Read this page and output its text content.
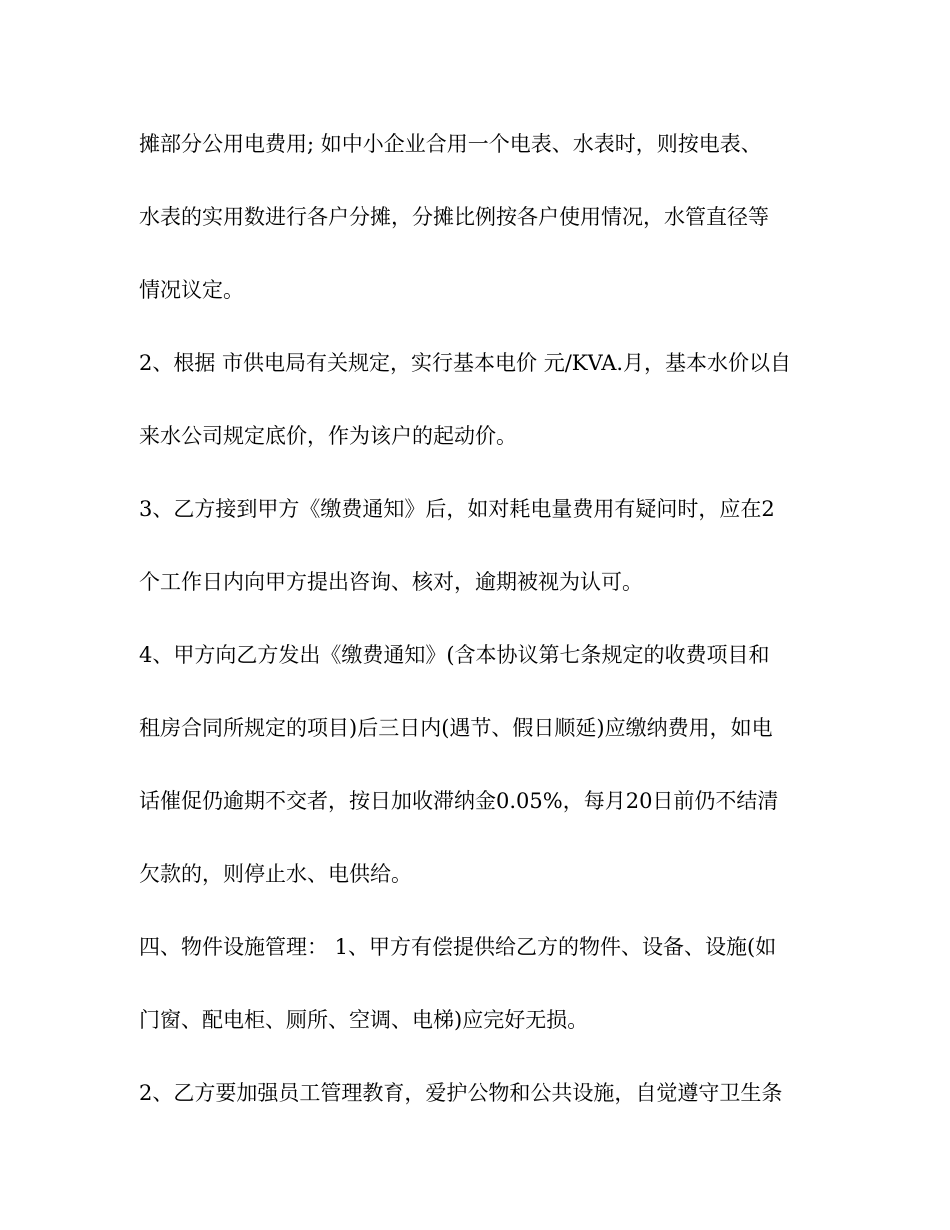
摊部分公用电费用; 如中小企业合用一个电表、水表时，则按电表、
水表的实用数进行各户分摊，分摊比例按各户使用情况，水管直径等
情况议定。
2、根据 市供电局有关规定，实行基本电价 元/KVA.月，基本水价以自
来水公司规定底价，作为该户的起动价。
3、乙方接到甲方《缴费通知》后，如对耗电量费用有疑问时，应在2
个工作日内向甲方提出咨询、核对，逾期被视为认可。
4、甲方向乙方发出《缴费通知》(含本协议第七条规定的收费项目和
租房合同所规定的项目)后三日内(遇节、假日顺延)应缴纳费用，如电
话催促仍逾期不交者，按日加收滞纳金0.05%，每月20日前仍不结清
欠款的，则停止水、电供给。
四、物件设施管理： 1、甲方有偿提供给乙方的物件、设备、设施(如
门窗、配电柜、厕所、空调、电梯)应完好无损。
2、乙方要加强员工管理教育，爱护公物和公共设施，自觉遵守卫生条
